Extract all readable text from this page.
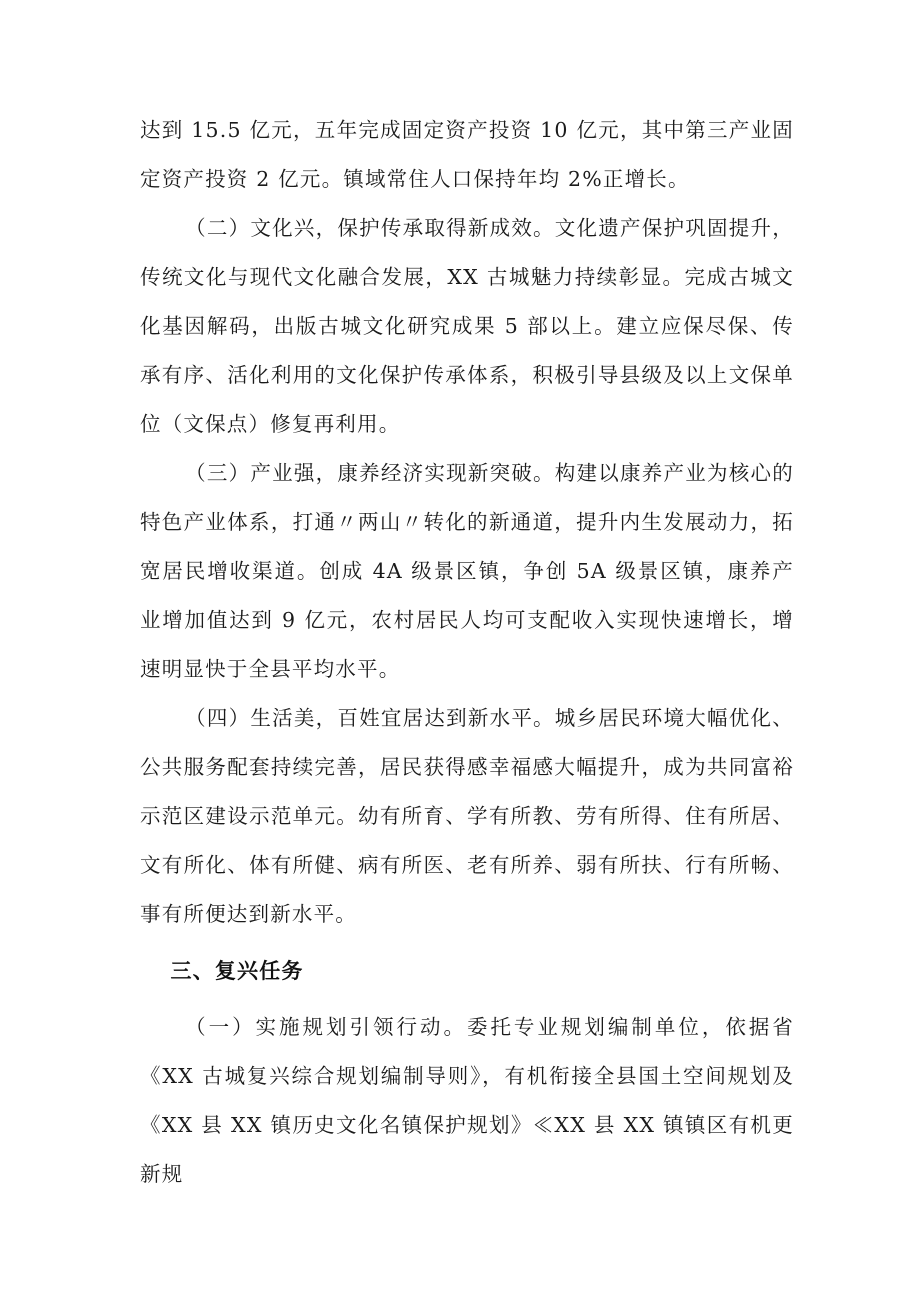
达到 15.5 亿元，五年完成固定资产投资 10 亿元，其中第三产业固定资产投资 2 亿元。镇域常住人口保持年均 2%正增长。

（二）文化兴，保护传承取得新成效。文化遗产保护巩固提升，传统文化与现代文化融合发展，XX 古城魅力持续彰显。完成古城文化基因解码，出版古城文化研究成果 5 部以上。建立应保尽保、传承有序、活化利用的文化保护传承体系，积极引导县级及以上文保单位（文保点）修复再利用。

（三）产业强，康养经济实现新突破。构建以康养产业为核心的特色产业体系，打通〃两山〃转化的新通道，提升内生发展动力，拓宽居民增收渠道。创成 4A 级景区镇，争创 5A 级景区镇，康养产业增加值达到 9 亿元，农村居民人均可支配收入实现快速增长，增速明显快于全县平均水平。

（四）生活美，百姓宜居达到新水平。城乡居民环境大幅优化、公共服务配套持续完善，居民获得感幸福感大幅提升，成为共同富裕示范区建设示范单元。幼有所育、学有所教、劳有所得、住有所居、文有所化、体有所健、病有所医、老有所养、弱有所扶、行有所畅、事有所便达到新水平。

三、复兴任务

（一）实施规划引领行动。委托专业规划编制单位，依据省《XX 古城复兴综合规划编制导则》，有机衔接全县国土空间规划及《XX 县 XX 镇历史文化名镇保护规划》≪XX 县 XX 镇镇区有机更新规
